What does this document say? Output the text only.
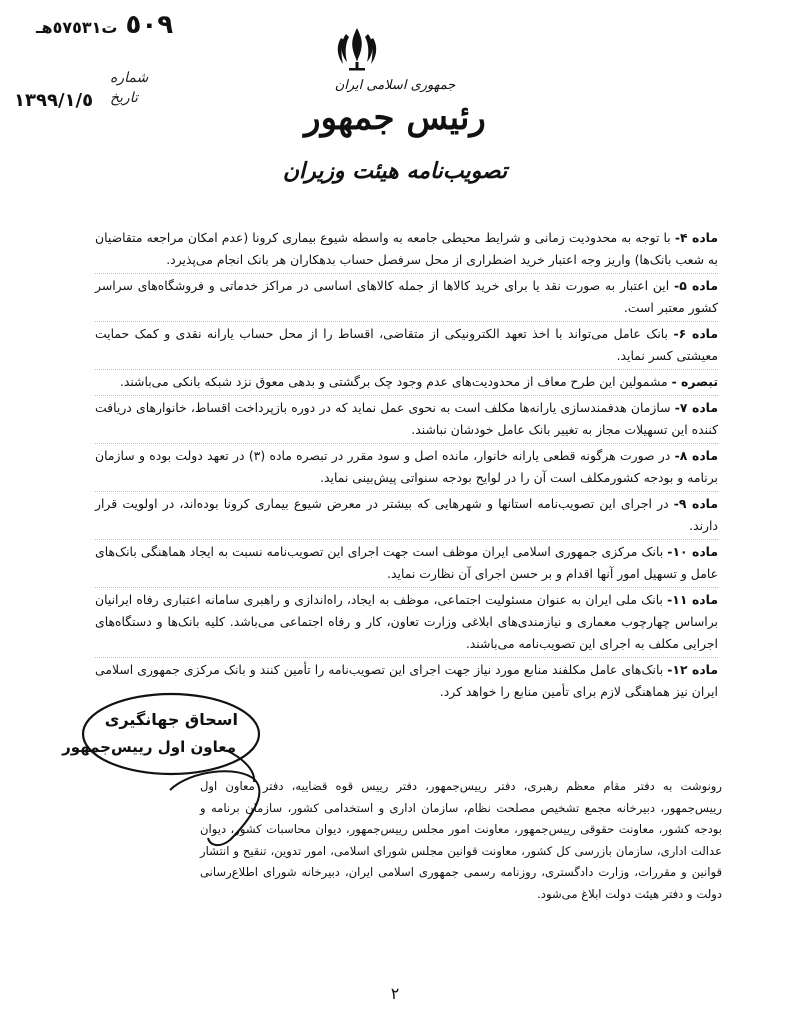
٥٠٩
ت٥٧٥٣١هـ
شماره
تاریخ
١٣٩٩/١/٥
جمهوری اسلامی ایران
رئیس جمهور
تصویب‌نامه هیئت وزیران

ماده ۴- با توجه به محدودیت زمانی و شرایط محیطی جامعه به واسطه شیوع بیماری کرونا (عدم امکان مراجعه متقاضیان به شعب بانک‌ها) واریز وجه اعتبار خرید اضطراری از محل سرفصل حساب بدهکاران هر بانک انجام می‌پذیرد.

ماده ۵- این اعتبار به صورت نقد یا برای خرید کالاها از جمله کالاهای اساسی در مراکز خدماتی و فروشگاه‌های سراسر کشور معتبر است.

ماده ۶- بانک عامل می‌تواند با اخذ تعهد الکترونیکی از متقاضی، اقساط را از محل حساب یارانه نقدی و کمک حمایت معیشتی کسر نماید.

تبصره - مشمولین این طرح معاف از محدودیت‌های عدم وجود چک برگشتی و بدهی معوق نزد شبکه بانکی می‌باشند.

ماده ۷- سازمان هدفمندسازی یارانه‌ها مکلف است به نحوی عمل نماید که در دوره بازپرداخت اقساط، خانوارهای دریافت کننده این تسهیلات مجاز به تغییر بانک عامل خودشان نباشند.

ماده ۸- در صورت هرگونه قطعی یارانه خانوار، مانده اصل و سود مقرر در تبصره ماده (۳) در تعهد دولت بوده و سازمان برنامه و بودجه کشورمکلف است آن را در لوایح بودجه سنواتی پیش‌بینی نماید.

ماده ۹- در اجرای این تصویب‌نامه استانها و شهرهایی که بیشتر در معرض شیوع بیماری کرونا بوده‌اند، در اولویت قرار دارند.

ماده ۱۰- بانک مرکزی جمهوری اسلامی ایران موظف است جهت اجرای این تصویب‌نامه نسبت به ایجاد هماهنگی بانک‌های عامل و تسهیل امور آنها اقدام و بر حسن اجرای آن نظارت نماید.

ماده ۱۱- بانک ملی ایران به عنوان مسئولیت اجتماعی، موظف به ایجاد، راه‌اندازی و راهبری سامانه اعتباری رفاه ایرانیان براساس چهارچوب معماری و نیازمندی‌های ابلاغی وزارت تعاون، کار و رفاه اجتماعی می‌باشد. کلیه بانک‌ها و دستگاه‌های اجرایی مکلف به اجرای این تصویب‌نامه می‌باشند.

ماده ۱۲- بانک‌های عامل مکلفند منابع مورد نیاز جهت اجرای این تصویب‌نامه را تأمین کنند و بانک مرکزی جمهوری اسلامی ایران نیز هماهنگی لازم برای تأمین منابع را خواهد کرد.

اسحاق جهانگیری
معاون اول رییس‌جمهور
رونوشت به دفتر مقام معظم رهبری، دفتر رییس‌جمهور، دفتر رییس قوه قضاییه، دفتر معاون اول رییس‌جمهور، دبیرخانه مجمع تشخیص مصلحت نظام، سازمان اداری و استخدامی کشور، سازمان برنامه و بودجه کشور، معاونت حقوقی رییس‌جمهور، معاونت امور مجلس رییس‌جمهور، دیوان محاسبات کشور، دیوان عدالت اداری، سازمان بازرسی کل کشور، معاونت قوانین مجلس شورای اسلامی، امور تدوین، تنقیح و انتشار قوانین و مقررات، وزارت دادگستری، روزنامه رسمی جمهوری اسلامی ایران، دبیرخانه شورای اطلاع‌رسانی دولت و دفتر هیئت دولت ابلاغ می‌شود.
۲
